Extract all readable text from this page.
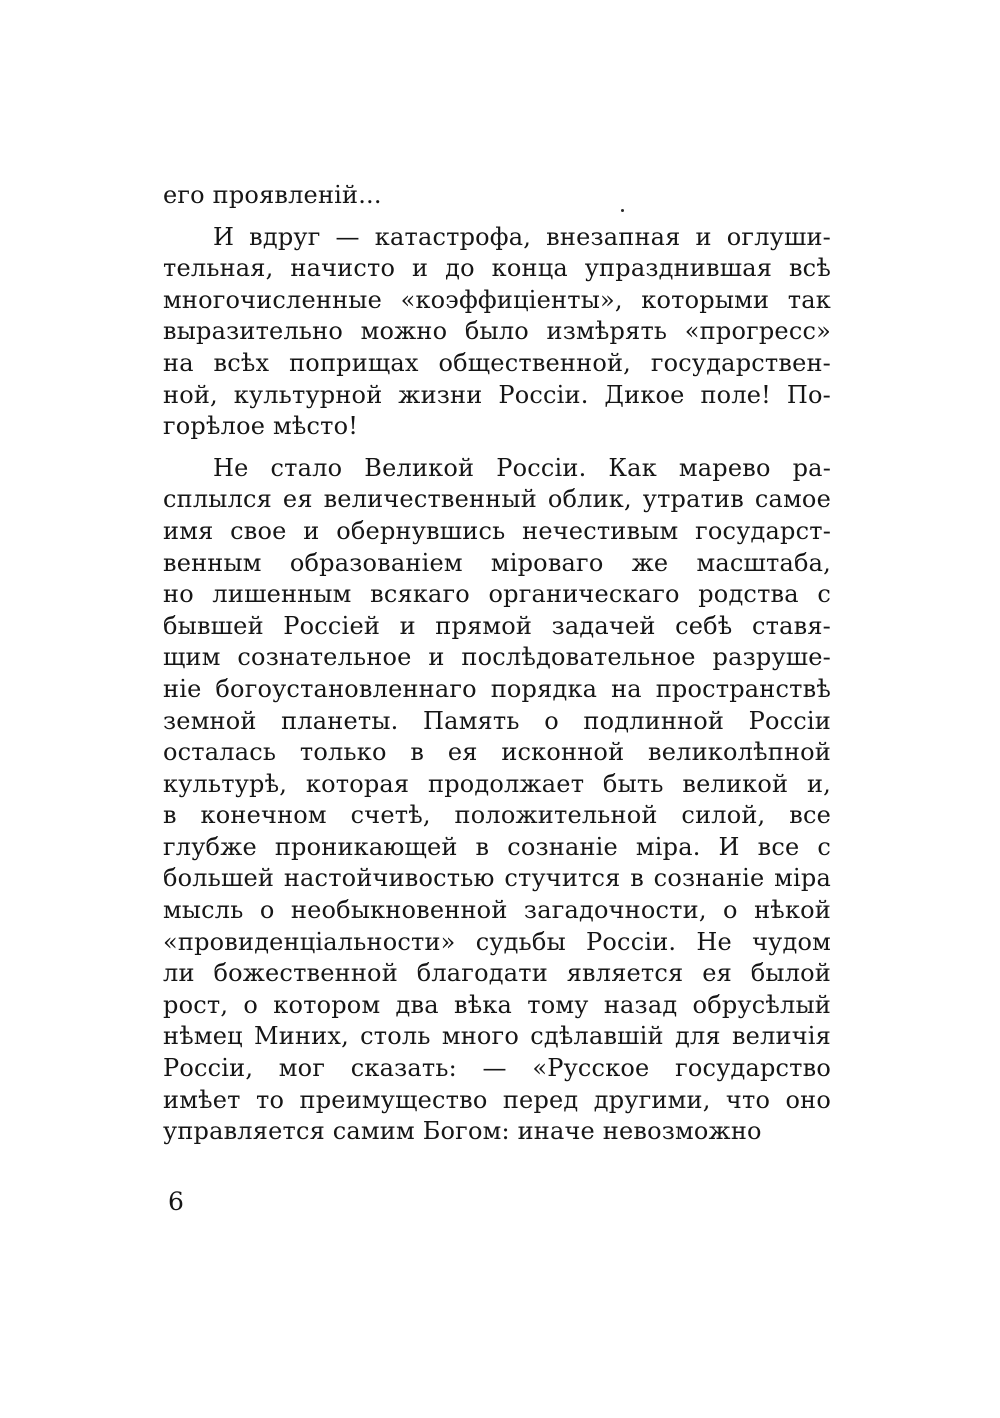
его проявленій...
И вдруг — катастрофа, внезапная и оглуши-
тельная, начисто и до конца упразднившая всѣ
многочисленные «коэффиціенты», которыми так
выразительно можно было измѣрять «прогресс»
на всѣх поприщах общественной, государствен-
ной, культурной жизни Россіи. Дикое поле! По-
горѣлое мѣсто!
Не стало Великой Россіи. Как марево ра-
сплылся ея величественный облик, утратив самое
имя свое и обернувшись нечестивым государст-
венным образованіем міроваго же масштаба,
но лишенным всякаго органическаго родства с
бывшей Россіей и прямой задачей себѣ ставя-
щим сознательное и послѣдовательное разруше-
ніе богоустановленнаго порядка на пространствѣ
земной планеты. Память о подлинной Россіи
осталась только в ея исконной великолѣпной
культурѣ, которая продолжает быть великой и,
в конечном счетѣ, положительной силой, все
глубже проникающей в сознаніе міра. И все с
большей настойчивостью стучится в сознаніе міра
мысль о необыкновенной загадочности, о нѣкой
«провиденціальности» судьбы Россіи. Не чудом
ли божественной благодати является ея былой
рост, о котором два вѣка тому назад обрусѣлый
нѣмец Миних, столь много сдѣлавшій для величія
Россіи, мог сказать: — «Русское государство
имѣет то преимущество перед другими, что оно
управляется самим Богом: иначе невозможно
6
